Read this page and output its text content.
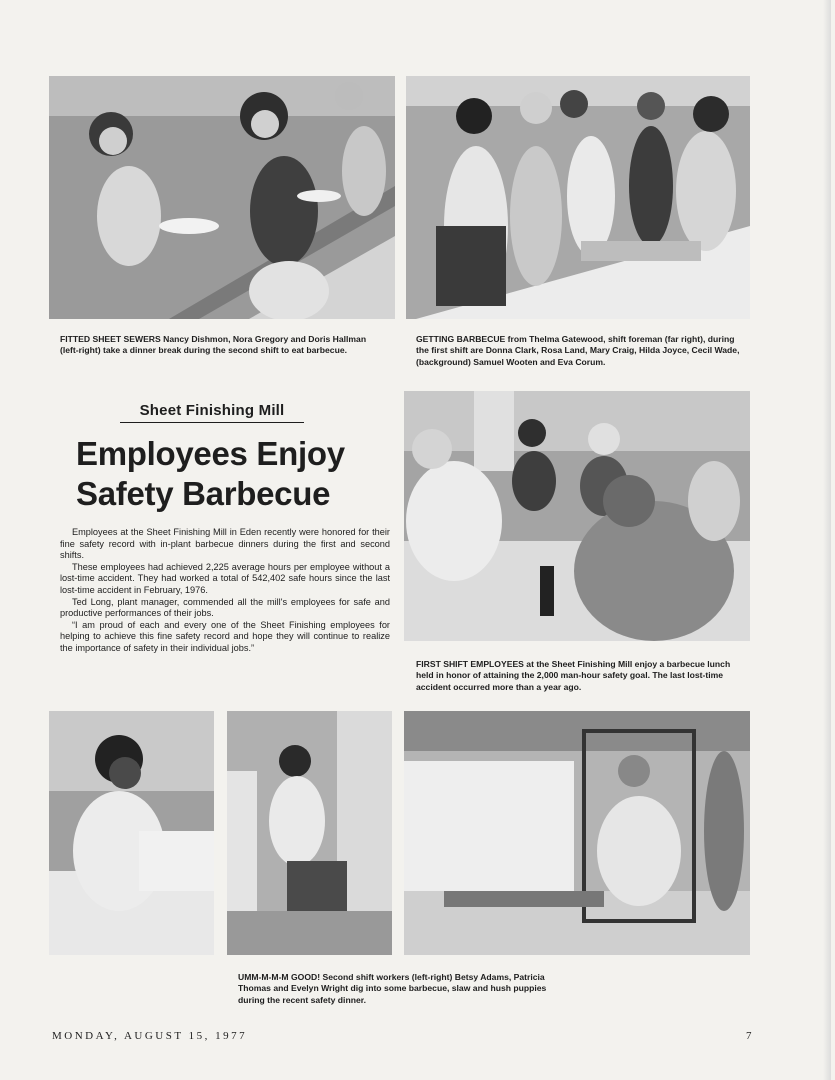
FITTED SHEET SEWERS Nancy Dishmon, Nora Gregory and Doris Hallman (left-right) take a dinner break during the second shift to eat barbecue.

GETTING BARBECUE from Thelma Gatewood, shift foreman (far right), during the first shift are Donna Clark, Rosa Land, Mary Craig, Hilda Joyce, Cecil Wade, (background) Samuel Wooten and Eva Corum.

Sheet Finishing Mill
Employees Enjoy
Safety Barbecue

Employees at the Sheet Finishing Mill in Eden recently were honored for their fine safety record with in-plant barbecue dinners during the first and second shifts.

These employees had achieved 2,225 average hours per employee without a lost-time accident. They had worked a total of 542,402 safe hours since the last lost-time accident in February, 1976.

Ted Long, plant manager, commended all the mill's employees for safe and productive performances of their jobs.

“I am proud of each and every one of the Sheet Finishing employees for helping to achieve this fine safety record and hope they will continue to realize the importance of safety in their individual jobs.”

FIRST SHIFT EMPLOYEES at the Sheet Finishing Mill enjoy a barbecue lunch held in honor of attaining the 2,000 man-hour safety goal. The last lost-time accident occurred more than a year ago.

UMM-M-M-M GOOD! Second shift workers (left-right) Betsy Adams, Patricia Thomas and Evelyn Wright dig into some barbecue, slaw and hush puppies during the recent safety dinner.

MONDAY, AUGUST 15, 1977	7
